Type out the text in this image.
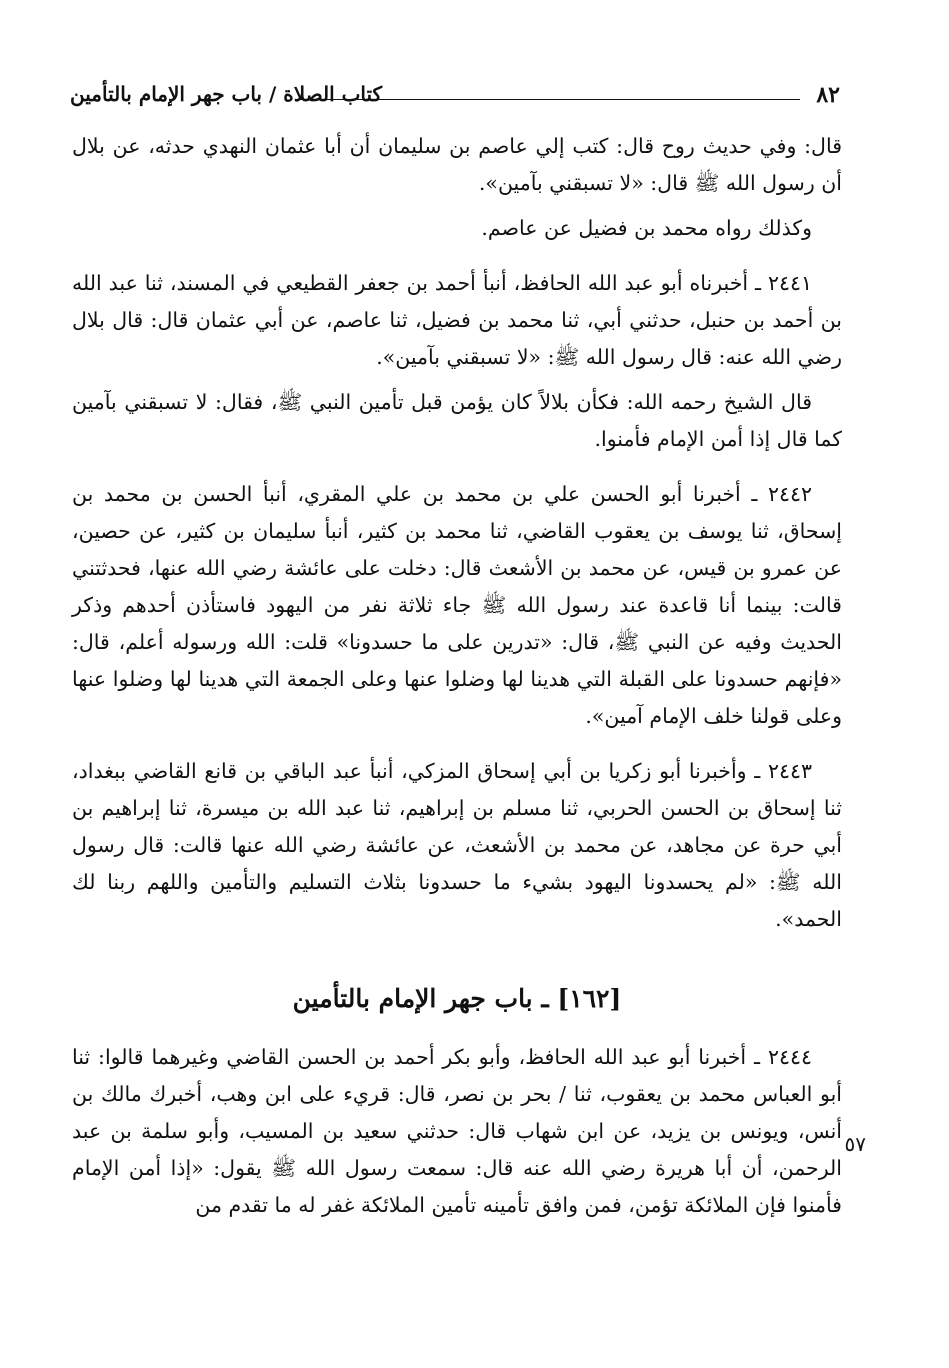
٨٢
كتاب الصلاة / باب جهر الإمام بالتأمين

قال: وفي حديث روح قال: كتب إلي عاصم بن سليمان أن أبا عثمان النهدي حدثه، عن بلال أن رسول الله ﷺ قال: «لا تسبقني بآمين».

وكذلك رواه محمد بن فضيل عن عاصم.

٢٤٤١ ـ أخبرناه أبو عبد الله الحافظ، أنبأ أحمد بن جعفر القطيعي في المسند، ثنا عبد الله بن أحمد بن حنبل، حدثني أبي، ثنا محمد بن فضيل، ثنا عاصم، عن أبي عثمان قال: قال بلال رضي الله عنه: قال رسول الله ﷺ: «لا تسبقني بآمين».

قال الشيخ رحمه الله: فكأن بلالاً كان يؤمن قبل تأمين النبي ﷺ، فقال: لا تسبقني بآمين كما قال إذا أمن الإمام فأمنوا.

٢٤٤٢ ـ أخبرنا أبو الحسن علي بن محمد بن علي المقري، أنبأ الحسن بن محمد بن إسحاق، ثنا يوسف بن يعقوب القاضي، ثنا محمد بن كثير، أنبأ سليمان بن كثير، عن حصين، عن عمرو بن قيس، عن محمد بن الأشعث قال: دخلت على عائشة رضي الله عنها، فحدثتني قالت: بينما أنا قاعدة عند رسول الله ﷺ جاء ثلاثة نفر من اليهود فاستأذن أحدهم وذكر الحديث وفيه عن النبي ﷺ، قال: «تدرين على ما حسدونا» قلت: الله ورسوله أعلم، قال: «فإنهم حسدونا على القبلة التي هدينا لها وضلوا عنها وعلى الجمعة التي هدينا لها وضلوا عنها وعلى قولنا خلف الإمام آمين».

٢٤٤٣ ـ وأخبرنا أبو زكريا بن أبي إسحاق المزكي، أنبأ عبد الباقي بن قانع القاضي ببغداد، ثنا إسحاق بن الحسن الحربي، ثنا مسلم بن إبراهيم، ثنا عبد الله بن ميسرة، ثنا إبراهيم بن أبي حرة عن مجاهد، عن محمد بن الأشعث، عن عائشة رضي الله عنها قالت: قال رسول الله ﷺ: «لم يحسدونا اليهود بشيء ما حسدونا بثلاث التسليم والتأمين واللهم ربنا لك الحمد».

[١٦٢] ـ باب جهر الإمام بالتأمين

٢٤٤٤ ـ أخبرنا أبو عبد الله الحافظ، وأبو بكر أحمد بن الحسن القاضي وغيرهما قالوا: ثنا أبو العباس محمد بن يعقوب، ثنا / بحر بن نصر، قال: قريء على ابن وهب، أخبرك مالك بن أنس، ويونس بن يزيد، عن ابن شهاب قال: حدثني سعيد بن المسيب، وأبو سلمة بن عبد الرحمن، أن أبا هريرة رضي الله عنه قال: سمعت رسول الله ﷺ يقول: «إذا أمن الإمام فأمنوا فإن الملائكة تؤمن، فمن وافق تأمينه تأمين الملائكة غفر له ما تقدم من

٥٧
